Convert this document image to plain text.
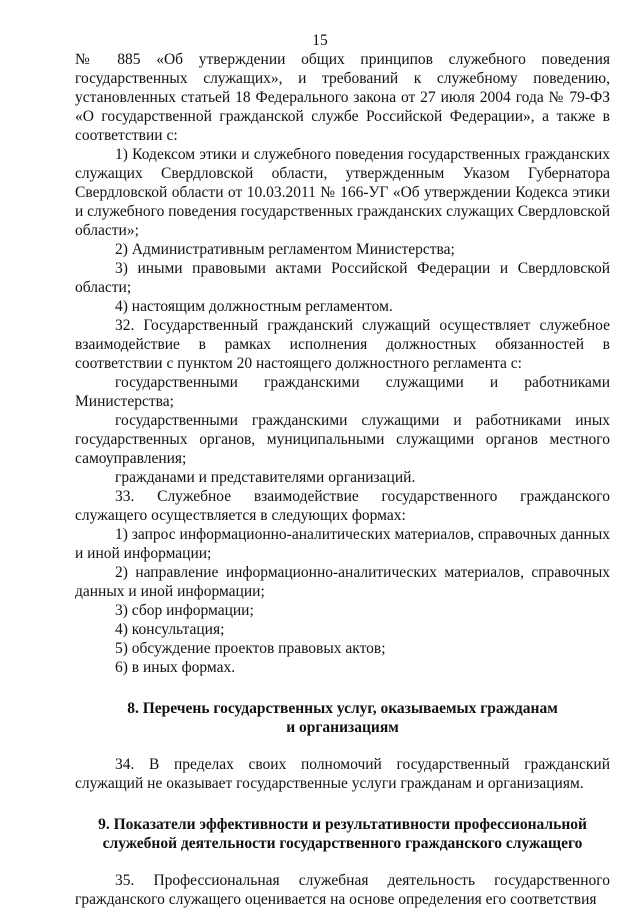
15

№ 885 «Об утверждении общих принципов служебного поведения государственных служащих», и требований к служебному поведению, установленных статьей 18 Федерального закона от 27 июля 2004 года № 79-ФЗ «О государственной гражданской службе Российской Федерации», а также в соответствии с:

1) Кодексом этики и служебного поведения государственных гражданских служащих Свердловской области, утвержденным Указом Губернатора Свердловской области от 10.03.2011 № 166-УГ «Об утверждении Кодекса этики и служебного поведения государственных гражданских служащих Свердловской области»;

2) Административным регламентом Министерства;

3) иными правовыми актами Российской Федерации и Свердловской области;

4) настоящим должностным регламентом.

32. Государственный гражданский служащий осуществляет служебное взаимодействие в рамках исполнения должностных обязанностей в соответствии с пунктом 20 настоящего должностного регламента с:

государственными гражданскими служащими и работниками Министерства;

государственными гражданскими служащими и работниками иных государственных органов, муниципальными служащими органов местного самоуправления;

гражданами и представителями организаций.

33. Служебное взаимодействие государственного гражданского служащего осуществляется в следующих формах:

1) запрос информационно-аналитических материалов, справочных данных и иной информации;

2) направление информационно-аналитических материалов, справочных данных и иной информации;

3) сбор информации;

4) консультация;

5) обсуждение проектов правовых актов;

6) в иных формах.

8. Перечень государственных услуг, оказываемых гражданам

и организациям

34. В пределах своих полномочий государственный гражданский служащий не оказывает государственные услуги гражданам и организациям.

9. Показатели эффективности и результативности профессиональной

служебной деятельности государственного гражданского служащего

35. Профессиональная служебная деятельность государственного гражданского служащего оценивается на основе определения его соответствия
